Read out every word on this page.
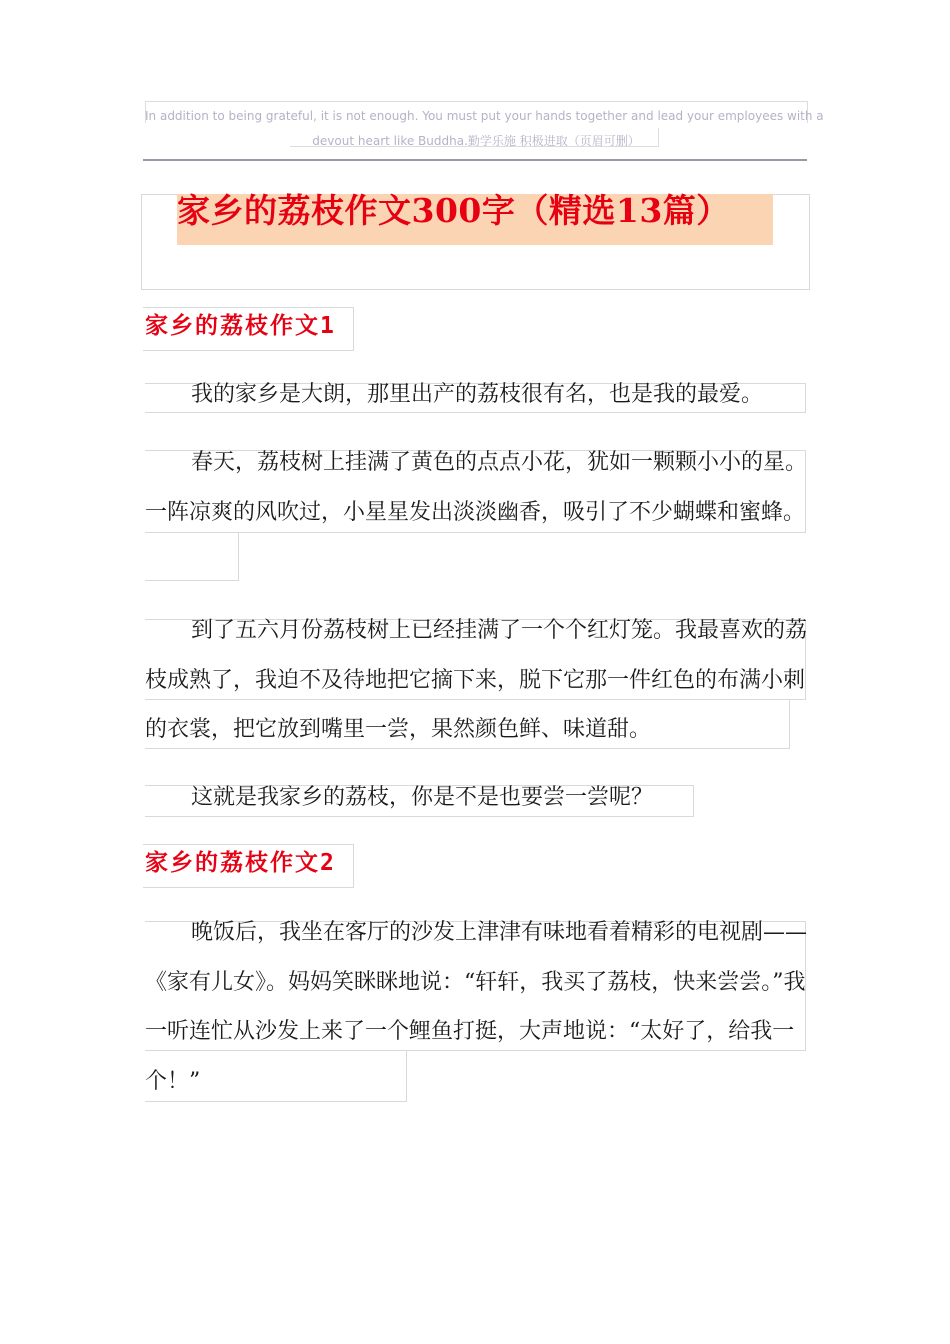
In addition to being grateful, it is not enough. You must put your hands together and lead your employees with a
devout heart like Buddha.勤学乐施 积极进取（页眉可删）
家乡的荔枝作文300字（精选13篇）
家乡的荔枝作文1
我的家乡是大朗，那里出产的荔枝很有名，也是我的最爱。
春天，荔枝树上挂满了黄色的点点小花，犹如一颗颗小小的星。一阵凉爽的风吹过，小星星发出淡淡幽香，吸引了不少蝴蝶和蜜蜂。
到了五六月份荔枝树上已经挂满了一个个红灯笼。我最喜欢的荔枝成熟了，我迫不及待地把它摘下来，脱下它那一件红色的布满小刺的衣裳，把它放到嘴里一尝，果然颜色鲜、味道甜。
这就是我家乡的荔枝，你是不是也要尝一尝呢？
家乡的荔枝作文2
晚饭后，我坐在客厅的沙发上津津有味地看着精彩的电视剧——《家有儿女》。妈妈笑眯眯地说：“轩轩，我买了荔枝，快来尝尝。”我一听连忙从沙发上来了一个鲤鱼打挺，大声地说：“太好了，给我一个！”
